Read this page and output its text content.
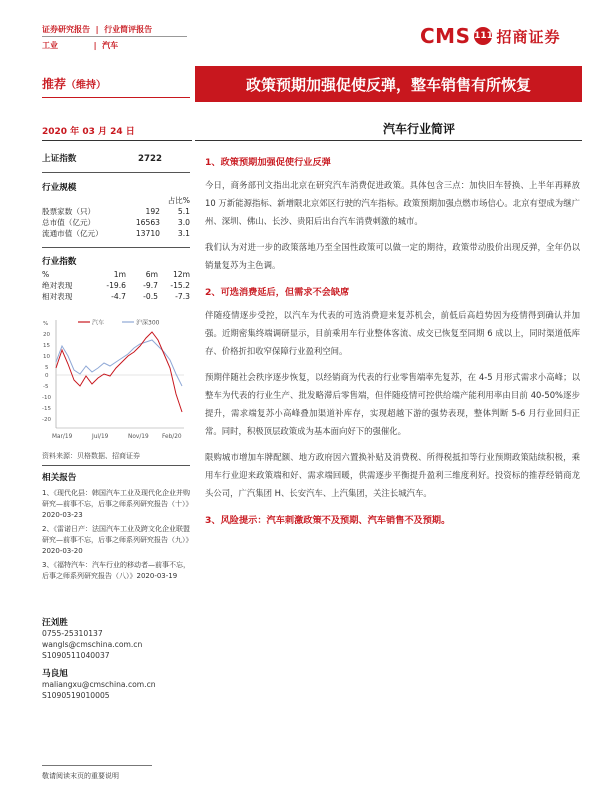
证券研究报告  |  行业简评报告
工业	|  汽车	CMS 111 招商证券
推荐（维持）	政策预期加强促使反弹，整车销售有所恢复
2020 年 03 月 24 日	汽车行业简评
上证指数	2722
行业规模
占比%
股票家数（只）	192	5.1
总市值（亿元）	16563	3.0
流通市值（亿元）	13710	3.1
行业指数
%	1m	6m	12m
绝对表现	-19.6	-9.7	-15.2
相对表现	-4.7	-0.5	-7.3
汽车	沪深300
%
20
15
10
5
0
-5
-10
-15
-20
Mar/19	Jul/19	Nov/19 Feb/20
资料来源：贝格数据、招商证券
相关报告
1、《现代化县：韩国汽车工业及现代化企业并购研究—前事不忘，后事之师系列研究报告（十）》2020-03-23
2、《雷诺日产：法国汽车工业及跨文化企业联盟研究—前事不忘，后事之师系列研究报告（九）》2020-03-20
3、《福特汽车：汽车行业的移动者—前事不忘，后事之师系列研究报告（八）》2020-03-19
汪刘胜
0755-25310137
wangls@cmschina.com.cn
S1090511040037
马良旭
maliangxu@cmschina.com.cn
S1090519010005
1、政策预期加强促使行业反弹
今日，商务部刊文指出北京在研究汽车消费促进政策。具体包含三点：加快旧车替换、上半年再释放 10 万新能源指标、新增限北京郊区行驶的汽车指标。政策预期加强点燃市场信心。北京有望成为继广州、深圳、佛山、长沙、贵阳后出台汽车消费刺激的城市。
我们认为对进一步的政策落地乃至全国性政策可以做一定的期待，政策带动股价出现反弹，全年仍以销量复苏为主色调。
2、可选消费延后，但需求不会缺席
伴随疫情逐步受控，以汽车为代表的可选消费迎来复苏机会，前低后高趋势因为疫情得到确认并加强。近期密集终端调研显示，目前乘用车行业整体客流、成交已恢复至同期 6 成以上，同时渠道低库存、价格折扣收窄保障行业盈利空间。
预期伴随社会秩序逐步恢复，以经销商为代表的行业零售端率先复苏，在 4-5 月形式需求小高峰；以整车为代表的行业生产、批发略滞后零售端，但伴随疫情可控供给端产能利用率由目前 40-50%逐步提升，需求端复苏小高峰叠加渠道补库存，实现超越下游的强势表现，整体判断 5-6 月行业回归正常。同时，积极顶层政策成为基本面向好下的强催化。
限购城市增加车牌配额、地方政府因六置换补贴及消费税、所得税抵扣等行业预期政策陆续积极，乘用车行业迎来政策端和好、需求端回暖，供需逐步平衡提升盈利三维度利好。投资标的推荐经销商龙头公司，广汽集团 H、长安汽车、上汽集团，关注长城汽车。
3、风险提示：汽车刺激政策不及预期、汽车销售不及预期。
敬请阅读末页的重要说明
